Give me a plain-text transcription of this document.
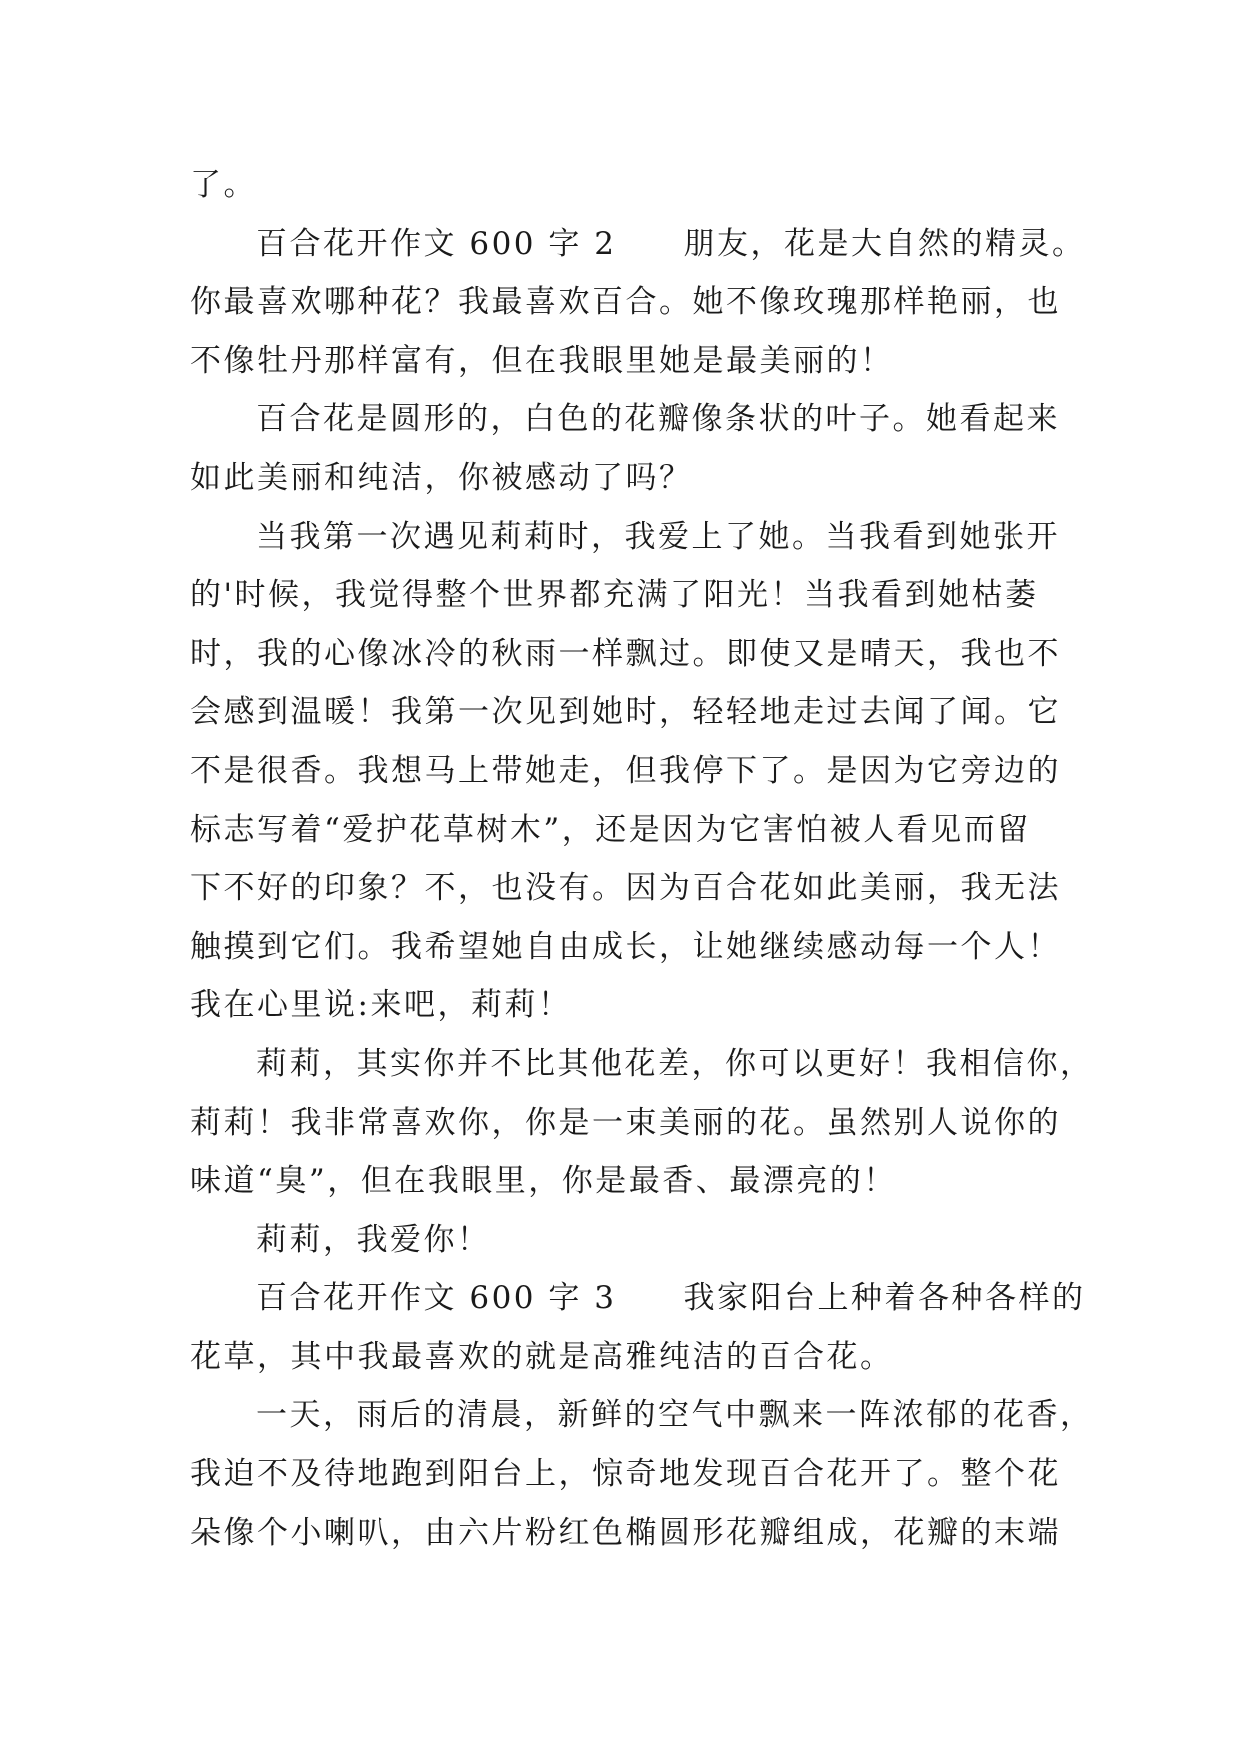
了。
百合花开作文 600 字 2　　朋友，花是大自然的精灵。
你最喜欢哪种花？我最喜欢百合。她不像玫瑰那样艳丽，也
不像牡丹那样富有，但在我眼里她是最美丽的！
百合花是圆形的，白色的花瓣像条状的叶子。她看起来
如此美丽和纯洁，你被感动了吗？
当我第一次遇见莉莉时，我爱上了她。当我看到她张开
的'时候，我觉得整个世界都充满了阳光！当我看到她枯萎
时，我的心像冰冷的秋雨一样飘过。即使又是晴天，我也不
会感到温暖！我第一次见到她时，轻轻地走过去闻了闻。它
不是很香。我想马上带她走，但我停下了。是因为它旁边的
标志写着“爱护花草树木”，还是因为它害怕被人看见而留
下不好的印象？不，也没有。因为百合花如此美丽，我无法
触摸到它们。我希望她自由成长，让她继续感动每一个人！
我在心里说:来吧，莉莉！
莉莉，其实你并不比其他花差，你可以更好！我相信你，
莉莉！我非常喜欢你，你是一束美丽的花。虽然别人说你的
味道“臭”，但在我眼里，你是最香、最漂亮的！
莉莉，我爱你！
百合花开作文 600 字 3　　我家阳台上种着各种各样的
花草，其中我最喜欢的就是高雅纯洁的百合花。
一天，雨后的清晨，新鲜的空气中飘来一阵浓郁的花香，
我迫不及待地跑到阳台上，惊奇地发现百合花开了。整个花
朵像个小喇叭，由六片粉红色椭圆形花瓣组成，花瓣的末端
